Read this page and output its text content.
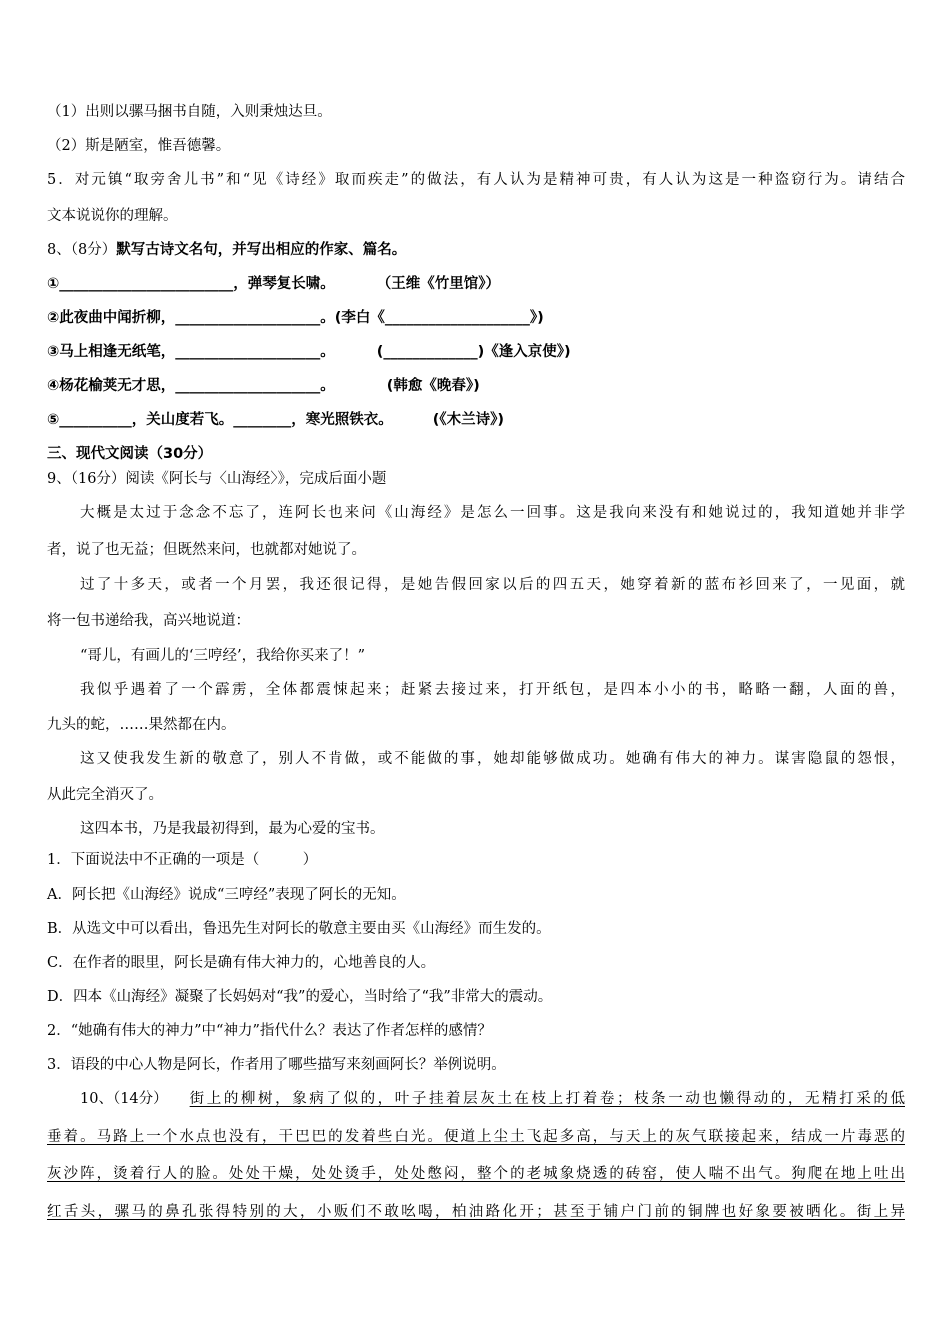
（1）出则以骡马捆书自随，入则秉烛达旦。
（2）斯是陋室，惟吾德馨。
5．对元镇“取旁舍儿书”和“见《诗经》取而疾走”的做法，有人认为是精神可贵，有人认为这是一种盗窃行为。请结合
文本说说你的理解。
8、（8分）默写古诗文名句，并写出相应的作家、篇名。
①________________________，弹琴复长啸。	（王维《竹里馆》）
②此夜曲中闻折柳，____________________。(李白《____________________》)
③马上相逢无纸笔，____________________。	(_____________)《逢入京使》)
④杨花榆荚无才思，____________________。	(韩愈《晚春》)
⑤__________，关山度若飞。________，寒光照铁衣。	(《木兰诗》)
三、现代文阅读（30分）
9、（16分）阅读《阿长与〈山海经〉》，完成后面小题
大概是太过于念念不忘了，连阿长也来问《山海经》是怎么一回事。这是我向来没有和她说过的，我知道她并非学
者，说了也无益；但既然来问，也就都对她说了。
过了十多天，或者一个月罢，我还很记得，是她告假回家以后的四五天，她穿着新的蓝布衫回来了，一见面，就
将一包书递给我，高兴地说道：
“哥儿，有画儿的‘三哼经’，我给你买来了！”
我似乎遇着了一个霹雳，全体都震悚起来；赶紧去接过来，打开纸包，是四本小小的书，略略一翻，人面的兽，
九头的蛇，……果然都在内。
这又使我发生新的敬意了，别人不肯做，或不能做的事，她却能够做成功。她确有伟大的神力。谋害隐鼠的怨恨，
从此完全消灭了。
这四本书，乃是我最初得到，最为心爱的宝书。
1．下面说法中不正确的一项是（　　　）
A．阿长把《山海经》说成“三哼经”表现了阿长的无知。
B．从选文中可以看出，鲁迅先生对阿长的敬意主要由买《山海经》而生发的。
C．在作者的眼里，阿长是确有伟大神力的，心地善良的人。
D．四本《山海经》凝聚了长妈妈对“我”的爱心，当时给了“我”非常大的震动。
2．“她确有伟大的神力”中“神力”指代什么？表达了作者怎样的感情？
3．语段的中心人物是阿长，作者用了哪些描写来刻画阿长？举例说明。
10、（14分） 街上的柳树，象病了似的，叶子挂着层灰土在枝上打着卷；枝条一动也懒得动的，无精打采的低
垂着。马路上一个水点也没有，干巴巴的发着些白光。便道上尘土飞起多高，与天上的灰气联接起来，结成一片毒恶的
灰沙阵，烫着行人的脸。处处干燥，处处烫手，处处憋闷，整个的老城象烧透的砖窑，使人喘不出气。狗爬在地上吐出
红舌头，骡马的鼻孔张得特别的大，小贩们不敢吆喝，柏油路化开；甚至于铺户门前的铜牌也好象要被晒化。街上异
